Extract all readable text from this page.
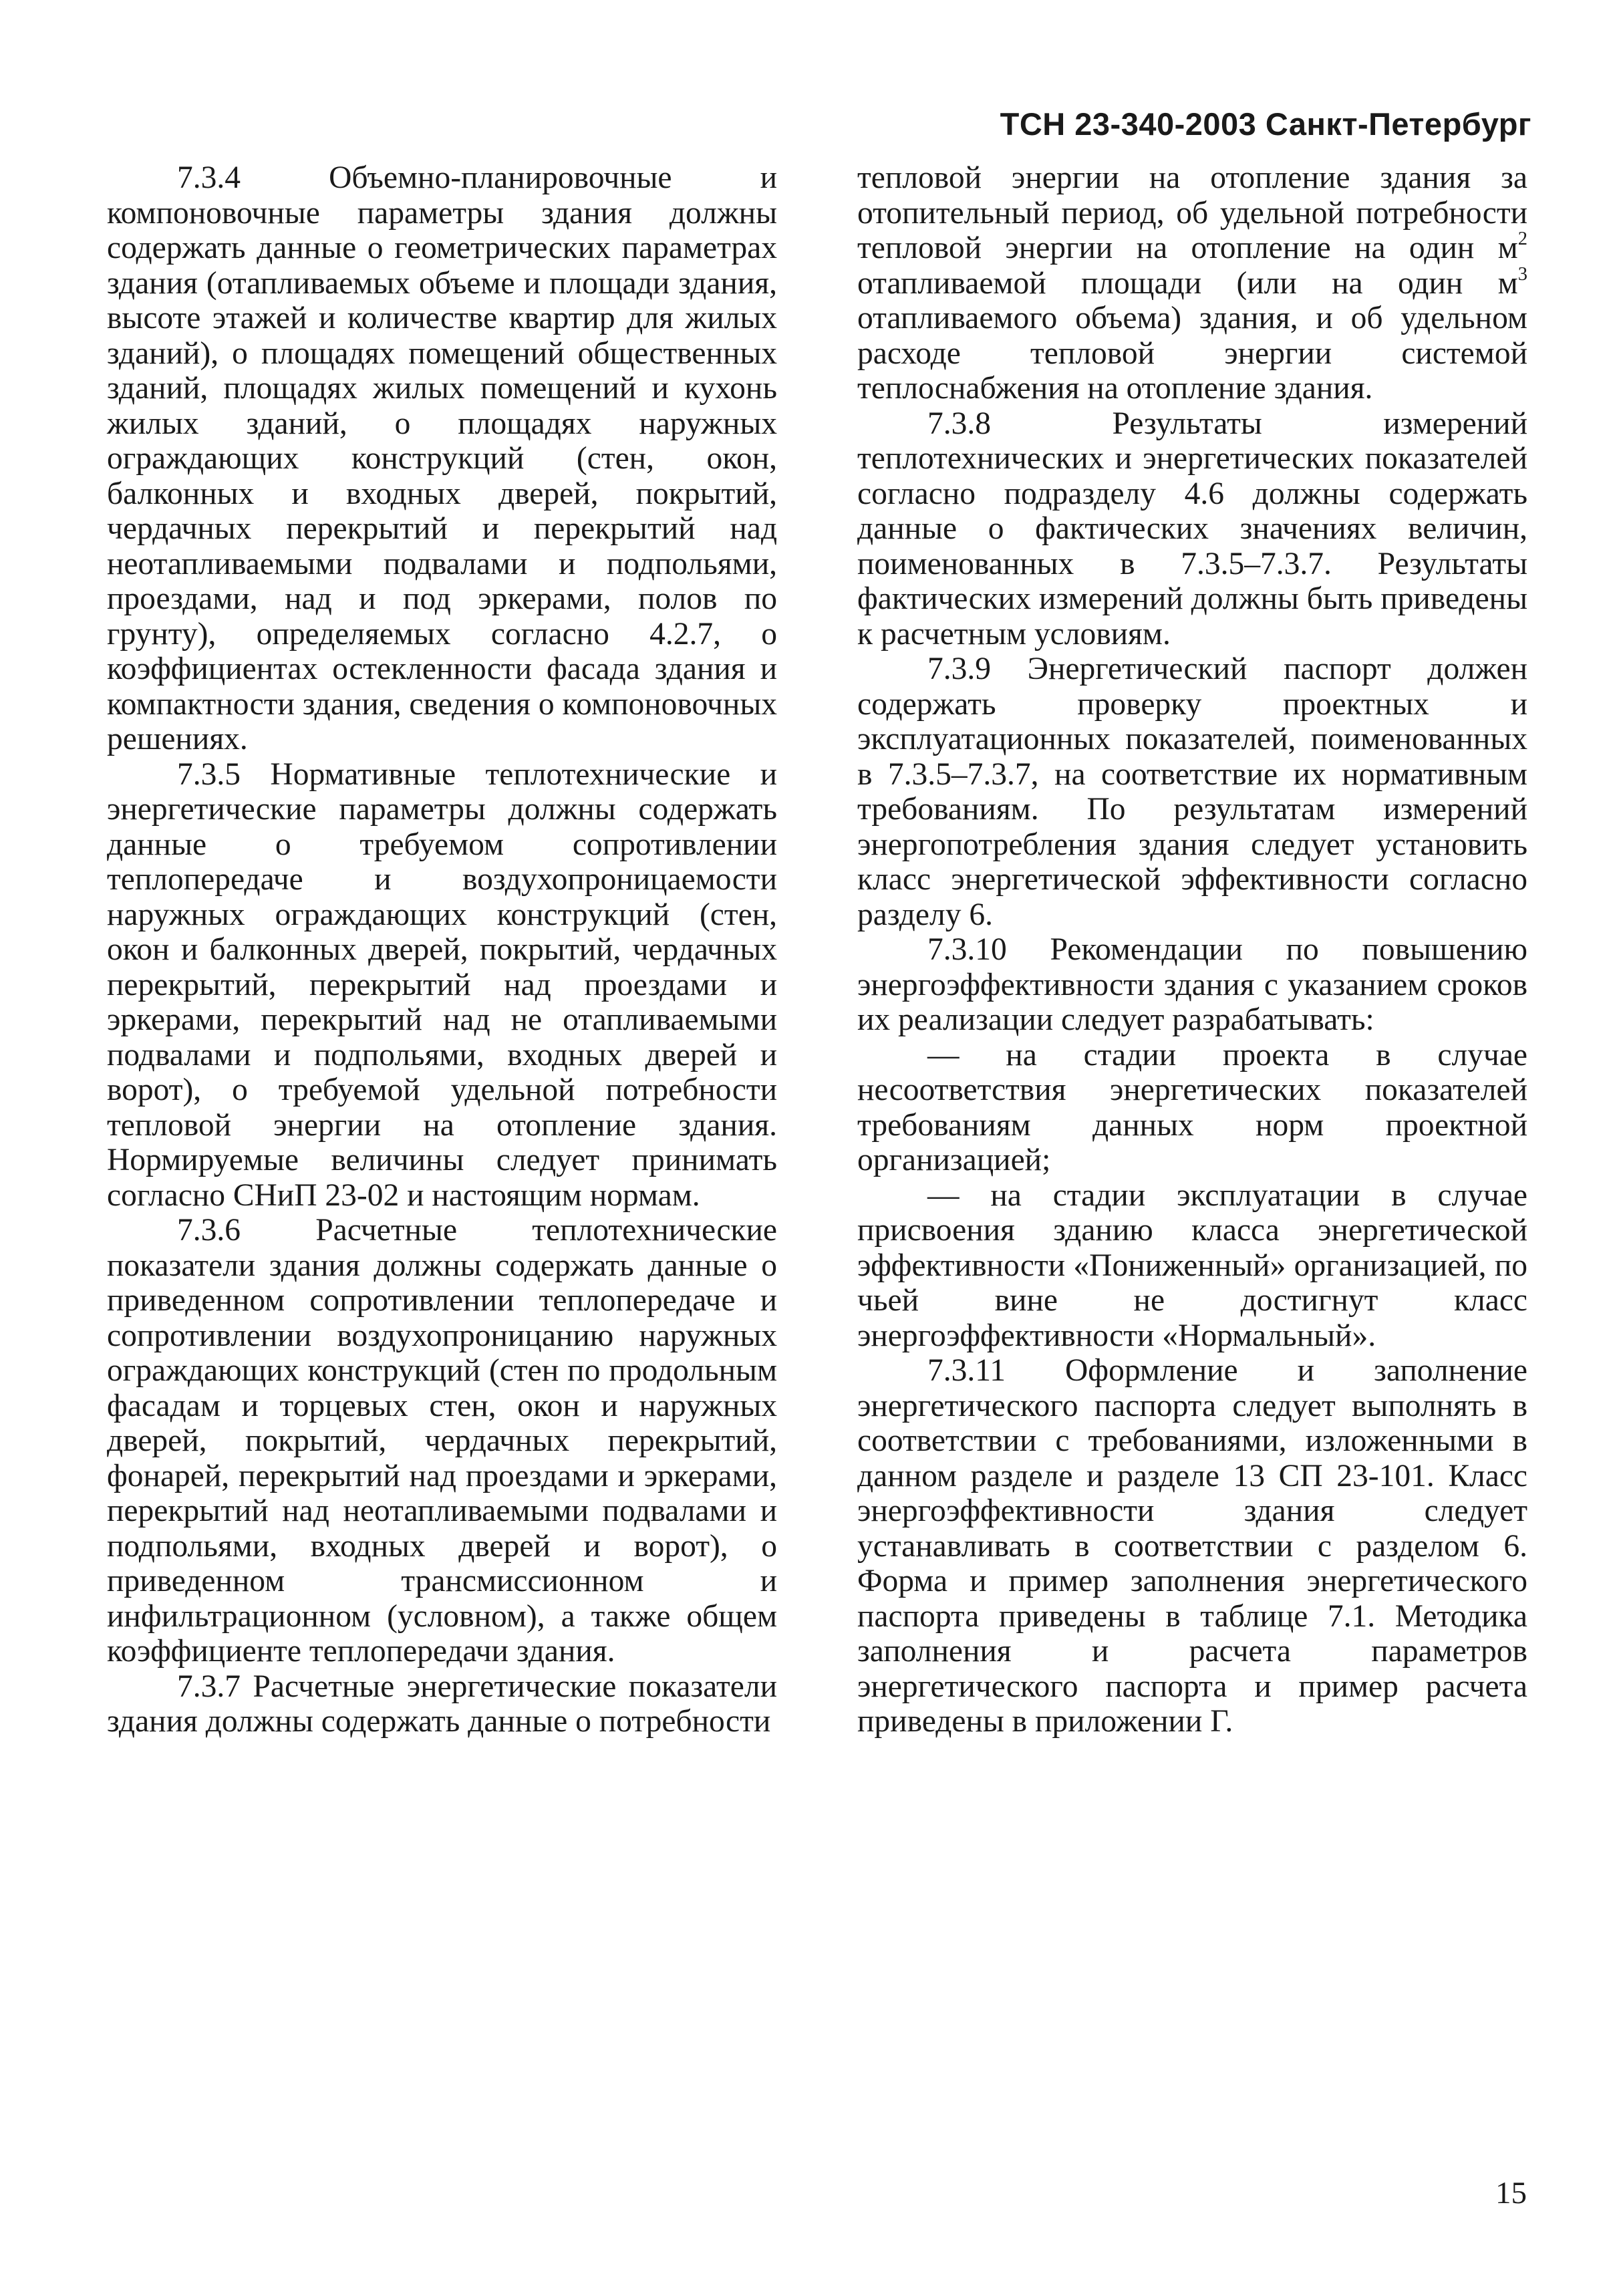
ТСН 23-340-2003 Санкт-Петербург

7.3.4 Объемно-планировочные и компоновочные параметры здания должны содержать данные о геометрических параметрах здания (отапливаемых объеме и площади здания, высоте этажей и количестве квартир для жилых зданий), о площадях помещений общественных зданий, площадях жилых помещений и кухонь жилых зданий, о площадях наружных ограждающих конструкций (стен, окон, балконных и входных дверей, покрытий, чердачных перекрытий и перекрытий над неотапливаемыми подвалами и подпольями, проездами, над и под эркерами, полов по грунту), определяемых согласно 4.2.7, о коэффициентах остекленности фасада здания и компактности здания, сведения о компоновочных решениях.

7.3.5 Нормативные теплотехнические и энергетические параметры должны содержать данные о требуемом сопротивлении теплопередаче и воздухопроницаемости наружных ограждающих конструкций (стен, окон и балконных дверей, покрытий, чердачных перекрытий, перекрытий над проездами и эркерами, перекрытий над не отапливаемыми подвалами и подпольями, входных дверей и ворот), о требуемой удельной потребности тепловой энергии на отопление здания. Нормируемые величины следует принимать согласно СНиП 23-02 и настоящим нормам.

7.3.6 Расчетные теплотехнические показатели здания должны содержать данные о приведенном сопротивлении теплопередаче и сопротивлении воздухопроницанию наружных ограждающих конструкций (стен по продольным фасадам и торцевых стен, окон и наружных дверей, покрытий, чердачных перекрытий, фонарей, перекрытий над проездами и эркерами, перекрытий над неотапливаемыми подвалами и подпольями, входных дверей и ворот), о приведенном трансмиссионном и инфильтрационном (условном), а также общем коэффициенте теплопередачи здания.

7.3.7 Расчетные энергетические показатели здания должны содержать данные о потребности

тепловой энергии на отопление здания за отопительный период, об удельной потребности тепловой энергии на отопление на один $м^2$ отапливаемой площади (или на один $м^3$ отапливаемого объема) здания, и об удельном расходе тепловой энергии системой теплоснабжения на отопление здания.

7.3.8 Результаты измерений теплотехнических и энергетических показателей согласно подразделу 4.6 должны содержать данные о фактических значениях величин, поименованных в 7.3.5–7.3.7. Результаты фактических измерений должны быть приведены к расчетным условиям.

7.3.9 Энергетический паспорт должен содержать проверку проектных и эксплуатационных показателей, поименованных в 7.3.5–7.3.7, на соответствие их нормативным требованиям. По результатам измерений энергопотребления здания следует установить класс энергетической эффективности согласно разделу 6.

7.3.10 Рекомендации по повышению энергоэффективности здания с указанием сроков их реализации следует разрабатывать:

— на стадии проекта в случае несоответствия энергетических показателей требованиям данных норм проектной организацией;

— на стадии эксплуатации в случае присвоения зданию класса энергетической эффективности «Пониженный» организацией, по чьей вине не достигнут класс энергоэффективности «Нормальный».

7.3.11 Оформление и заполнение энергетического паспорта следует выполнять в соответствии с требованиями, изложенными в данном разделе и разделе 13 СП 23-101. Класс энергоэффективности здания следует устанавливать в соответствии с разделом 6. Форма и пример заполнения энергетического паспорта приведены в таблице 7.1. Методика заполнения и расчета параметров энергетического паспорта и пример расчета приведены в приложении Г.

15
